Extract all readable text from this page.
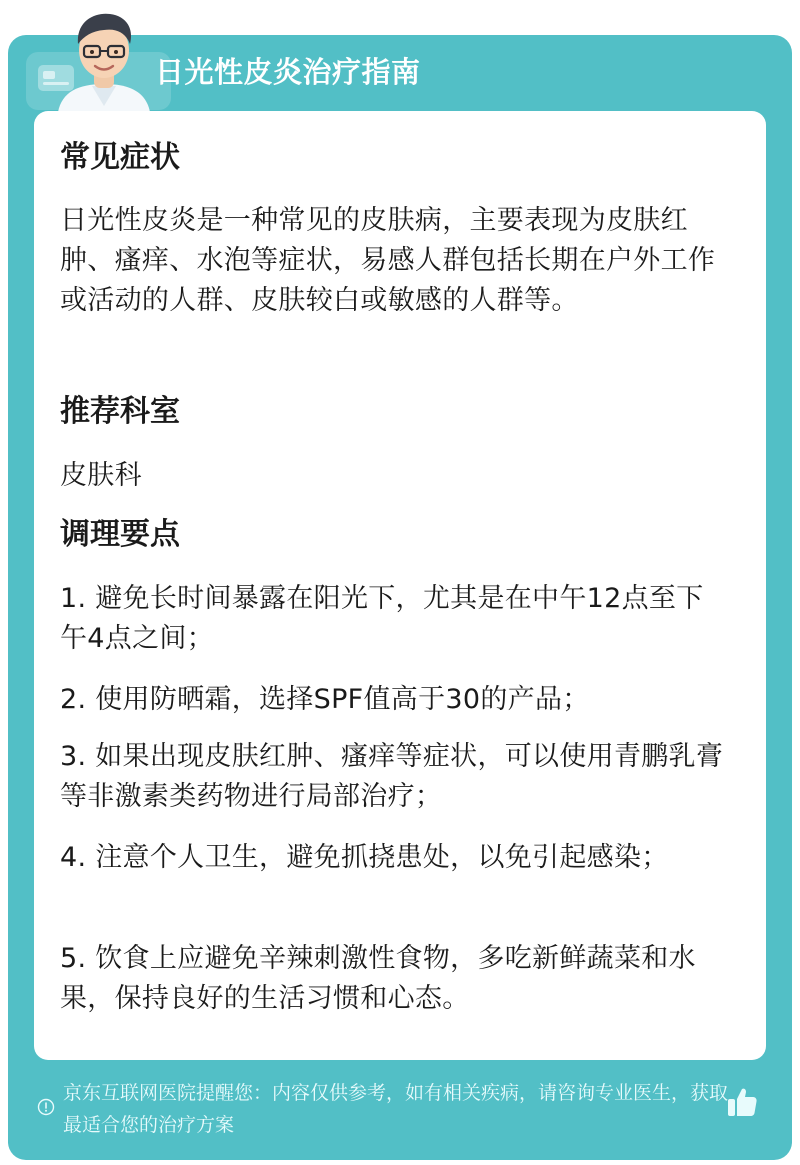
日光性皮炎治疗指南
常见症状
日光性皮炎是一种常见的皮肤病，主要表现为皮肤红肿、瘙痒、水泡等症状，易感人群包括长期在户外工作或活动的人群、皮肤较白或敏感的人群等。
推荐科室
皮肤科
调理要点
1. 避免长时间暴露在阳光下，尤其是在中午12点至下午4点之间；
2. 使用防晒霜，选择SPF值高于30的产品；
3. 如果出现皮肤红肿、瘙痒等症状，可以使用青鹏乳膏等非激素类药物进行局部治疗；
4. 注意个人卫生，避免抓挠患处，以免引起感染；
5. 饮食上应避免辛辣刺激性食物，多吃新鲜蔬菜和水果，保持良好的生活习惯和心态。
京东互联网医院提醒您：内容仅供参考，如有相关疾病，请咨询专业医生，获取最适合您的治疗方案
